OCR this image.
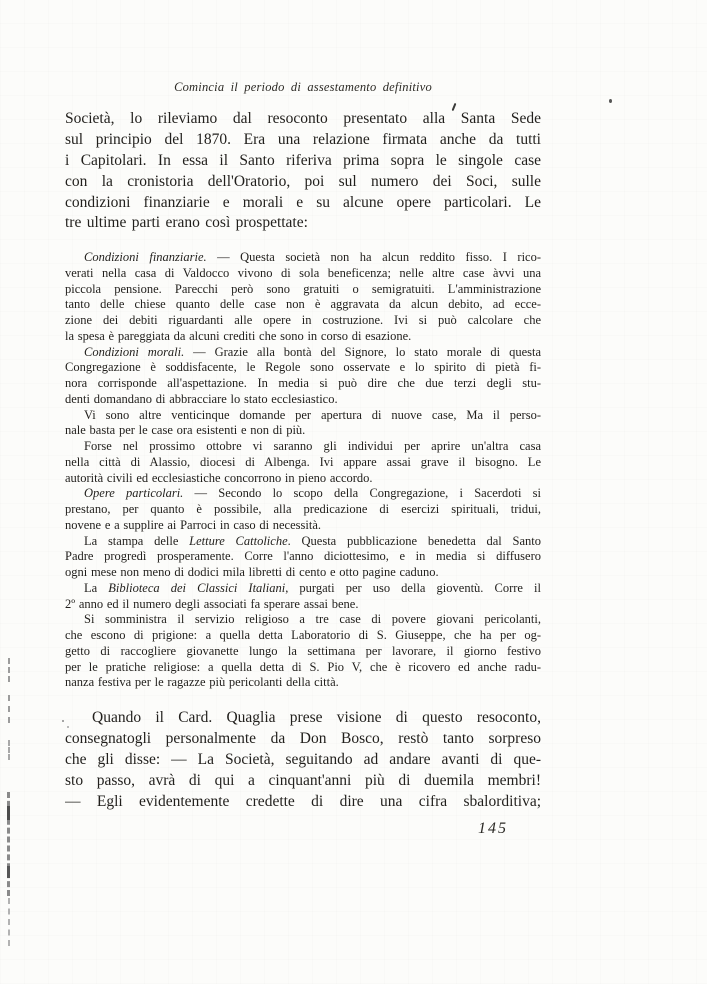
Comincia il periodo di assestamento definitivo
Società, lo rileviamo dal resoconto presentato alla Santa Sede
sul principio del 1870. Era una relazione firmata anche da tutti
i Capitolari. In essa il Santo riferiva prima sopra le singole case
con la cronistoria dell'Oratorio, poi sul numero dei Soci, sulle
condizioni finanziarie e morali e su alcune opere particolari. Le
tre ultime parti erano così prospettate:
Condizioni finanziarie. — Questa società non ha alcun reddito fisso. I rico-
verati nella casa di Valdocco vivono di sola beneficenza; nelle altre case àvvi una
piccola pensione. Parecchi però sono gratuiti o semigratuiti. L'amministrazione
tanto delle chiese quanto delle case non è aggravata da alcun debito, ad ecce-
zione dei debiti riguardanti alle opere in costruzione. Ivi si può calcolare che
la spesa è pareggiata da alcuni crediti che sono in corso di esazione.
Condizioni morali. — Grazie alla bontà del Signore, lo stato morale di questa
Congregazione è soddisfacente, le Regole sono osservate e lo spirito di pietà fi-
nora corrisponde all'aspettazione. In media si può dire che due terzi degli stu-
denti domandano di abbracciare lo stato ecclesiastico.
Vi sono altre venticinque domande per apertura di nuove case, Ma il perso-
nale basta per le case ora esistenti e non di più.
Forse nel prossimo ottobre vi saranno gli individui per aprire un'altra casa
nella città di Alassio, diocesi di Albenga. Ivi appare assai grave il bisogno. Le
autorità civili ed ecclesiastiche concorrono in pieno accordo.
Opere particolari. — Secondo lo scopo della Congregazione, i Sacerdoti si
prestano, per quanto è possibile, alla predicazione di esercizi spirituali, tridui,
novene e a supplire ai Parroci in caso di necessità.
La stampa delle Letture Cattoliche. Questa pubblicazione benedetta dal Santo
Padre progredì prosperamente. Corre l'anno diciottesimo, e in media si diffusero
ogni mese non meno di dodici mila libretti di cento e otto pagine caduno.
La Biblioteca dei Classici Italiani, purgati per uso della gioventù. Corre il
2º anno ed il numero degli associati fa sperare assai bene.
Si somministra il servizio religioso a tre case di povere giovani pericolanti,
che escono di prigione: a quella detta Laboratorio di S. Giuseppe, che ha per og-
getto di raccogliere giovanette lungo la settimana per lavorare, il giorno festivo
per le pratiche religiose: a quella detta di S. Pio V, che è ricovero ed anche radu-
nanza festiva per le ragazze più pericolanti della città.
Quando il Card. Quaglia prese visione di questo resoconto,
consegnatogli personalmente da Don Bosco, restò tanto sorpreso
che gli disse: — La Società, seguitando ad andare avanti di que-
sto passo, avrà di qui a cinquant'anni più di duemila membri!
— Egli evidentemente credette di dire una cifra sbalorditiva;
145
